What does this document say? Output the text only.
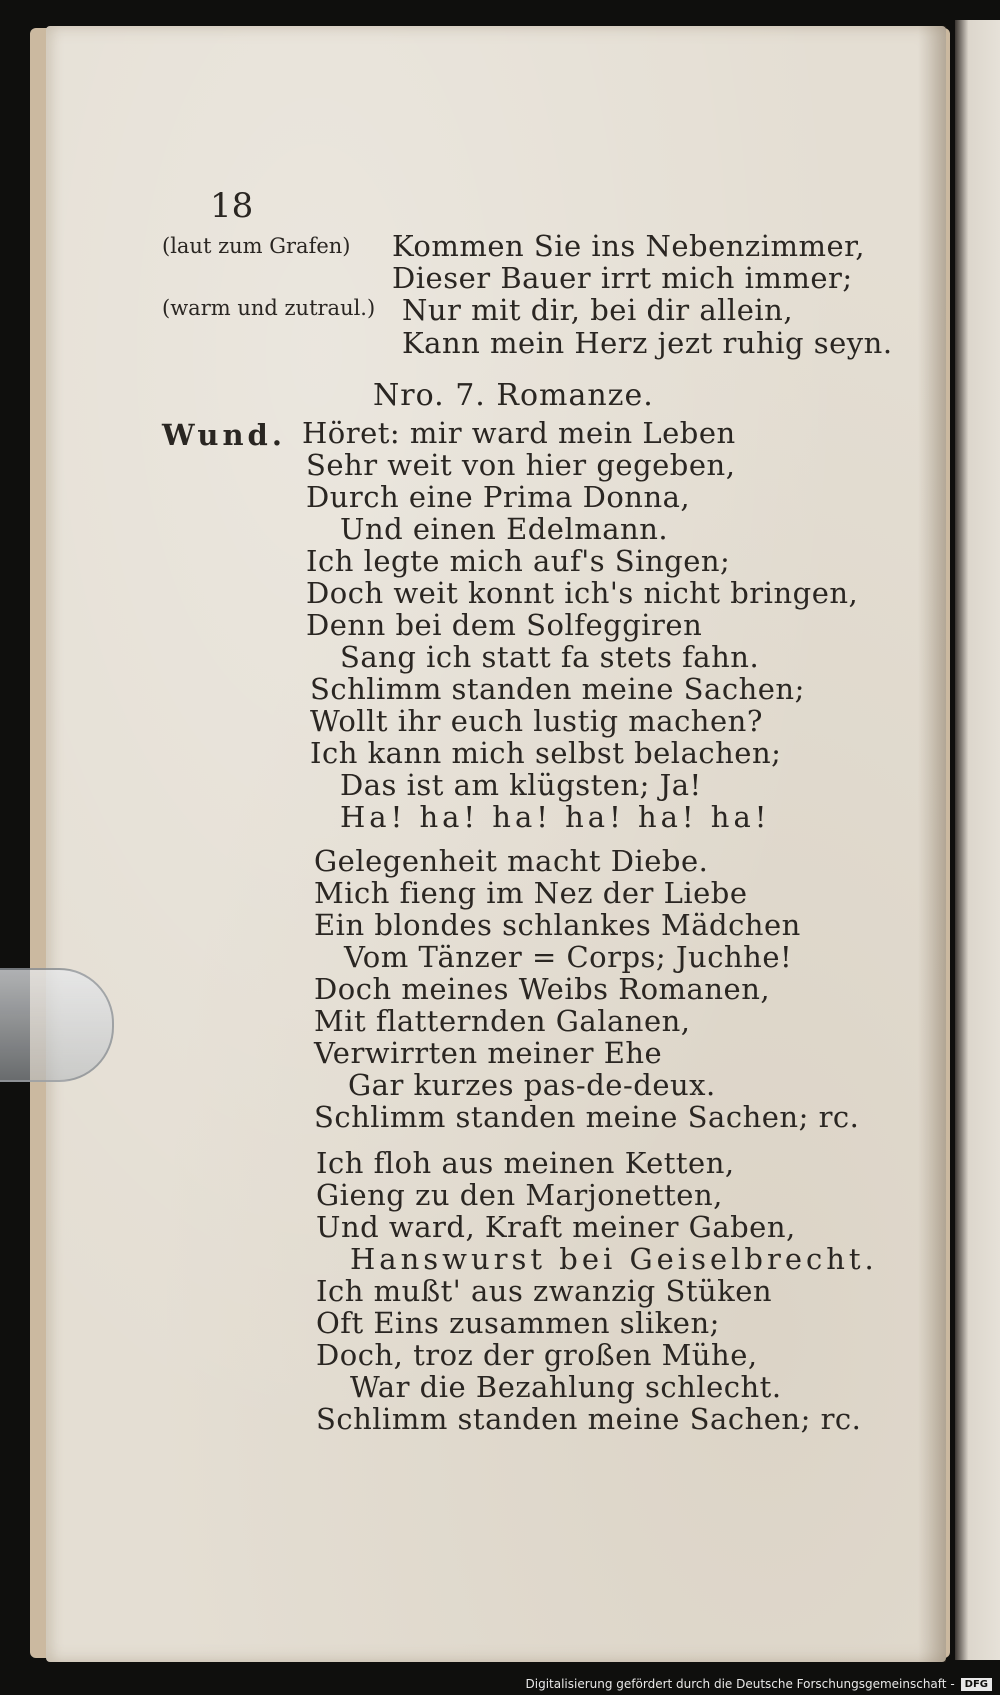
18
(laut zum Grafen)
(warm und zutraul.)
Kommen Sie ins Nebenzimmer,
Dieser Bauer irrt mich immer;
Nur mit dir, bei dir allein,
Kann mein Herz jezt ruhig seyn.
Nro. 7. Romanze.
Wund. Höret: mir ward mein Leben
Sehr weit von hier gegeben,
Durch eine Prima Donna,
Und einen Edelmann.
Ich legte mich auf's Singen;
Doch weit konnt ich's nicht bringen,
Denn bei dem Solfeggiren
Sang ich statt fa stets fahn.
Schlimm standen meine Sachen;
Wollt ihr euch lustig machen?
Ich kann mich selbst belachen;
Das ist am klügsten; Ja!
Ha! ha! ha! ha! ha! ha!
Gelegenheit macht Diebe.
Mich fieng im Nez der Liebe
Ein blondes schlankes Mädchen
Vom Tänzer = Corps; Juchhe!
Doch meines Weibs Romanen,
Mit flatternden Galanen,
Verwirrten meiner Ehe
Gar kurzes pas-de-deux.
Schlimm standen meine Sachen; rc.
Ich floh aus meinen Ketten,
Gieng zu den Marjonetten,
Und ward, Kraft meiner Gaben,
Hanswurst bei Geiselbrecht.
Ich mußt' aus zwanzig Stüken
Oft Eins zusammen sliken;
Doch, troz der großen Mühe,
War die Bezahlung schlecht.
Schlimm standen meine Sachen; rc.
Digitalisierung gefördert durch die Deutsche Forschungsgemeinschaft -	DFG
